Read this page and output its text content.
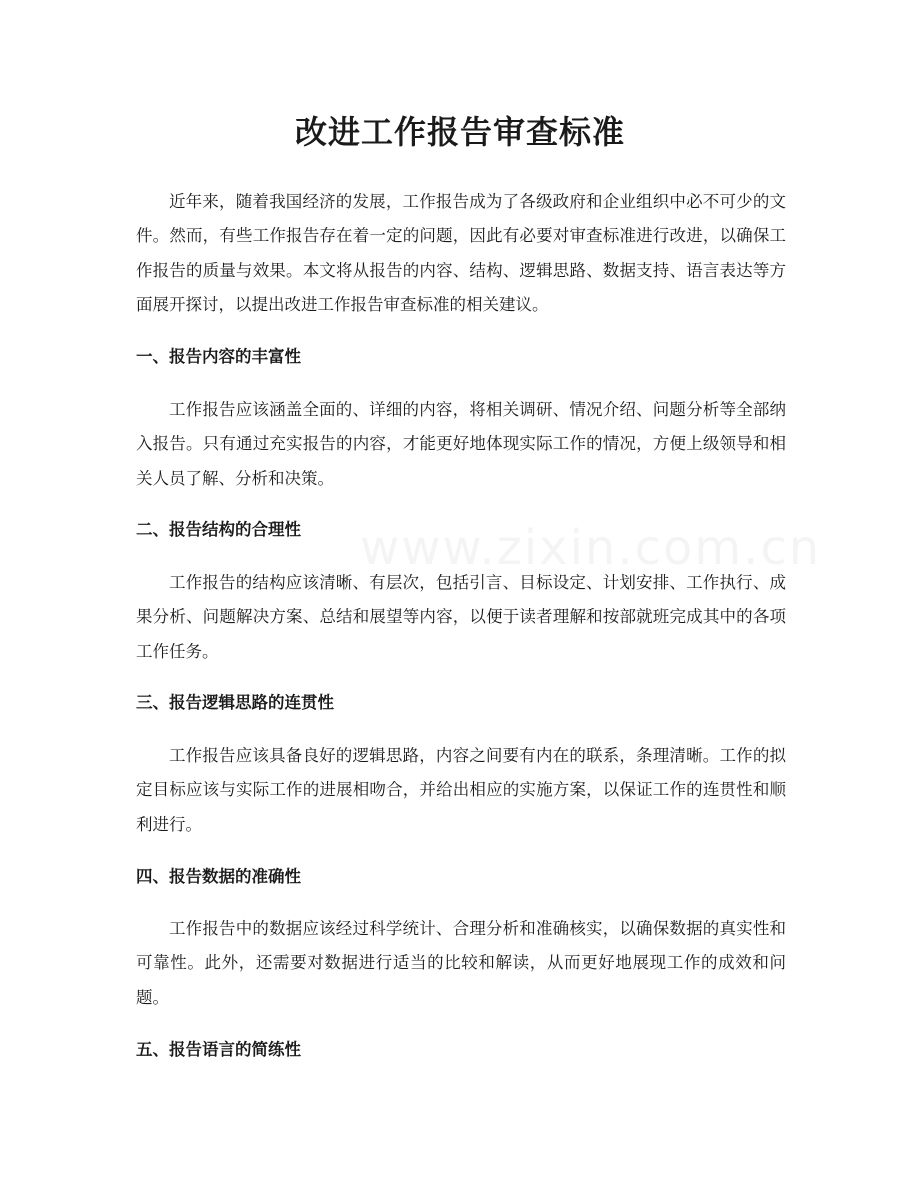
改进工作报告审查标准

近年来，随着我国经济的发展，工作报告成为了各级政府和企业组织中必不可少的文件。然而，有些工作报告存在着一定的问题，因此有必要对审查标准进行改进，以确保工作报告的质量与效果。本文将从报告的内容、结构、逻辑思路、数据支持、语言表达等方面展开探讨，以提出改进工作报告审查标准的相关建议。

一、报告内容的丰富性

工作报告应该涵盖全面的、详细的内容，将相关调研、情况介绍、问题分析等全部纳入报告。只有通过充实报告的内容，才能更好地体现实际工作的情况，方便上级领导和相关人员了解、分析和决策。

二、报告结构的合理性

工作报告的结构应该清晰、有层次，包括引言、目标设定、计划安排、工作执行、成果分析、问题解决方案、总结和展望等内容，以便于读者理解和按部就班完成其中的各项工作任务。

三、报告逻辑思路的连贯性

工作报告应该具备良好的逻辑思路，内容之间要有内在的联系，条理清晰。工作的拟定目标应该与实际工作的进展相吻合，并给出相应的实施方案，以保证工作的连贯性和顺利进行。

四、报告数据的准确性

工作报告中的数据应该经过科学统计、合理分析和准确核实，以确保数据的真实性和可靠性。此外，还需要对数据进行适当的比较和解读，从而更好地展现工作的成效和问题。

五、报告语言的简练性
